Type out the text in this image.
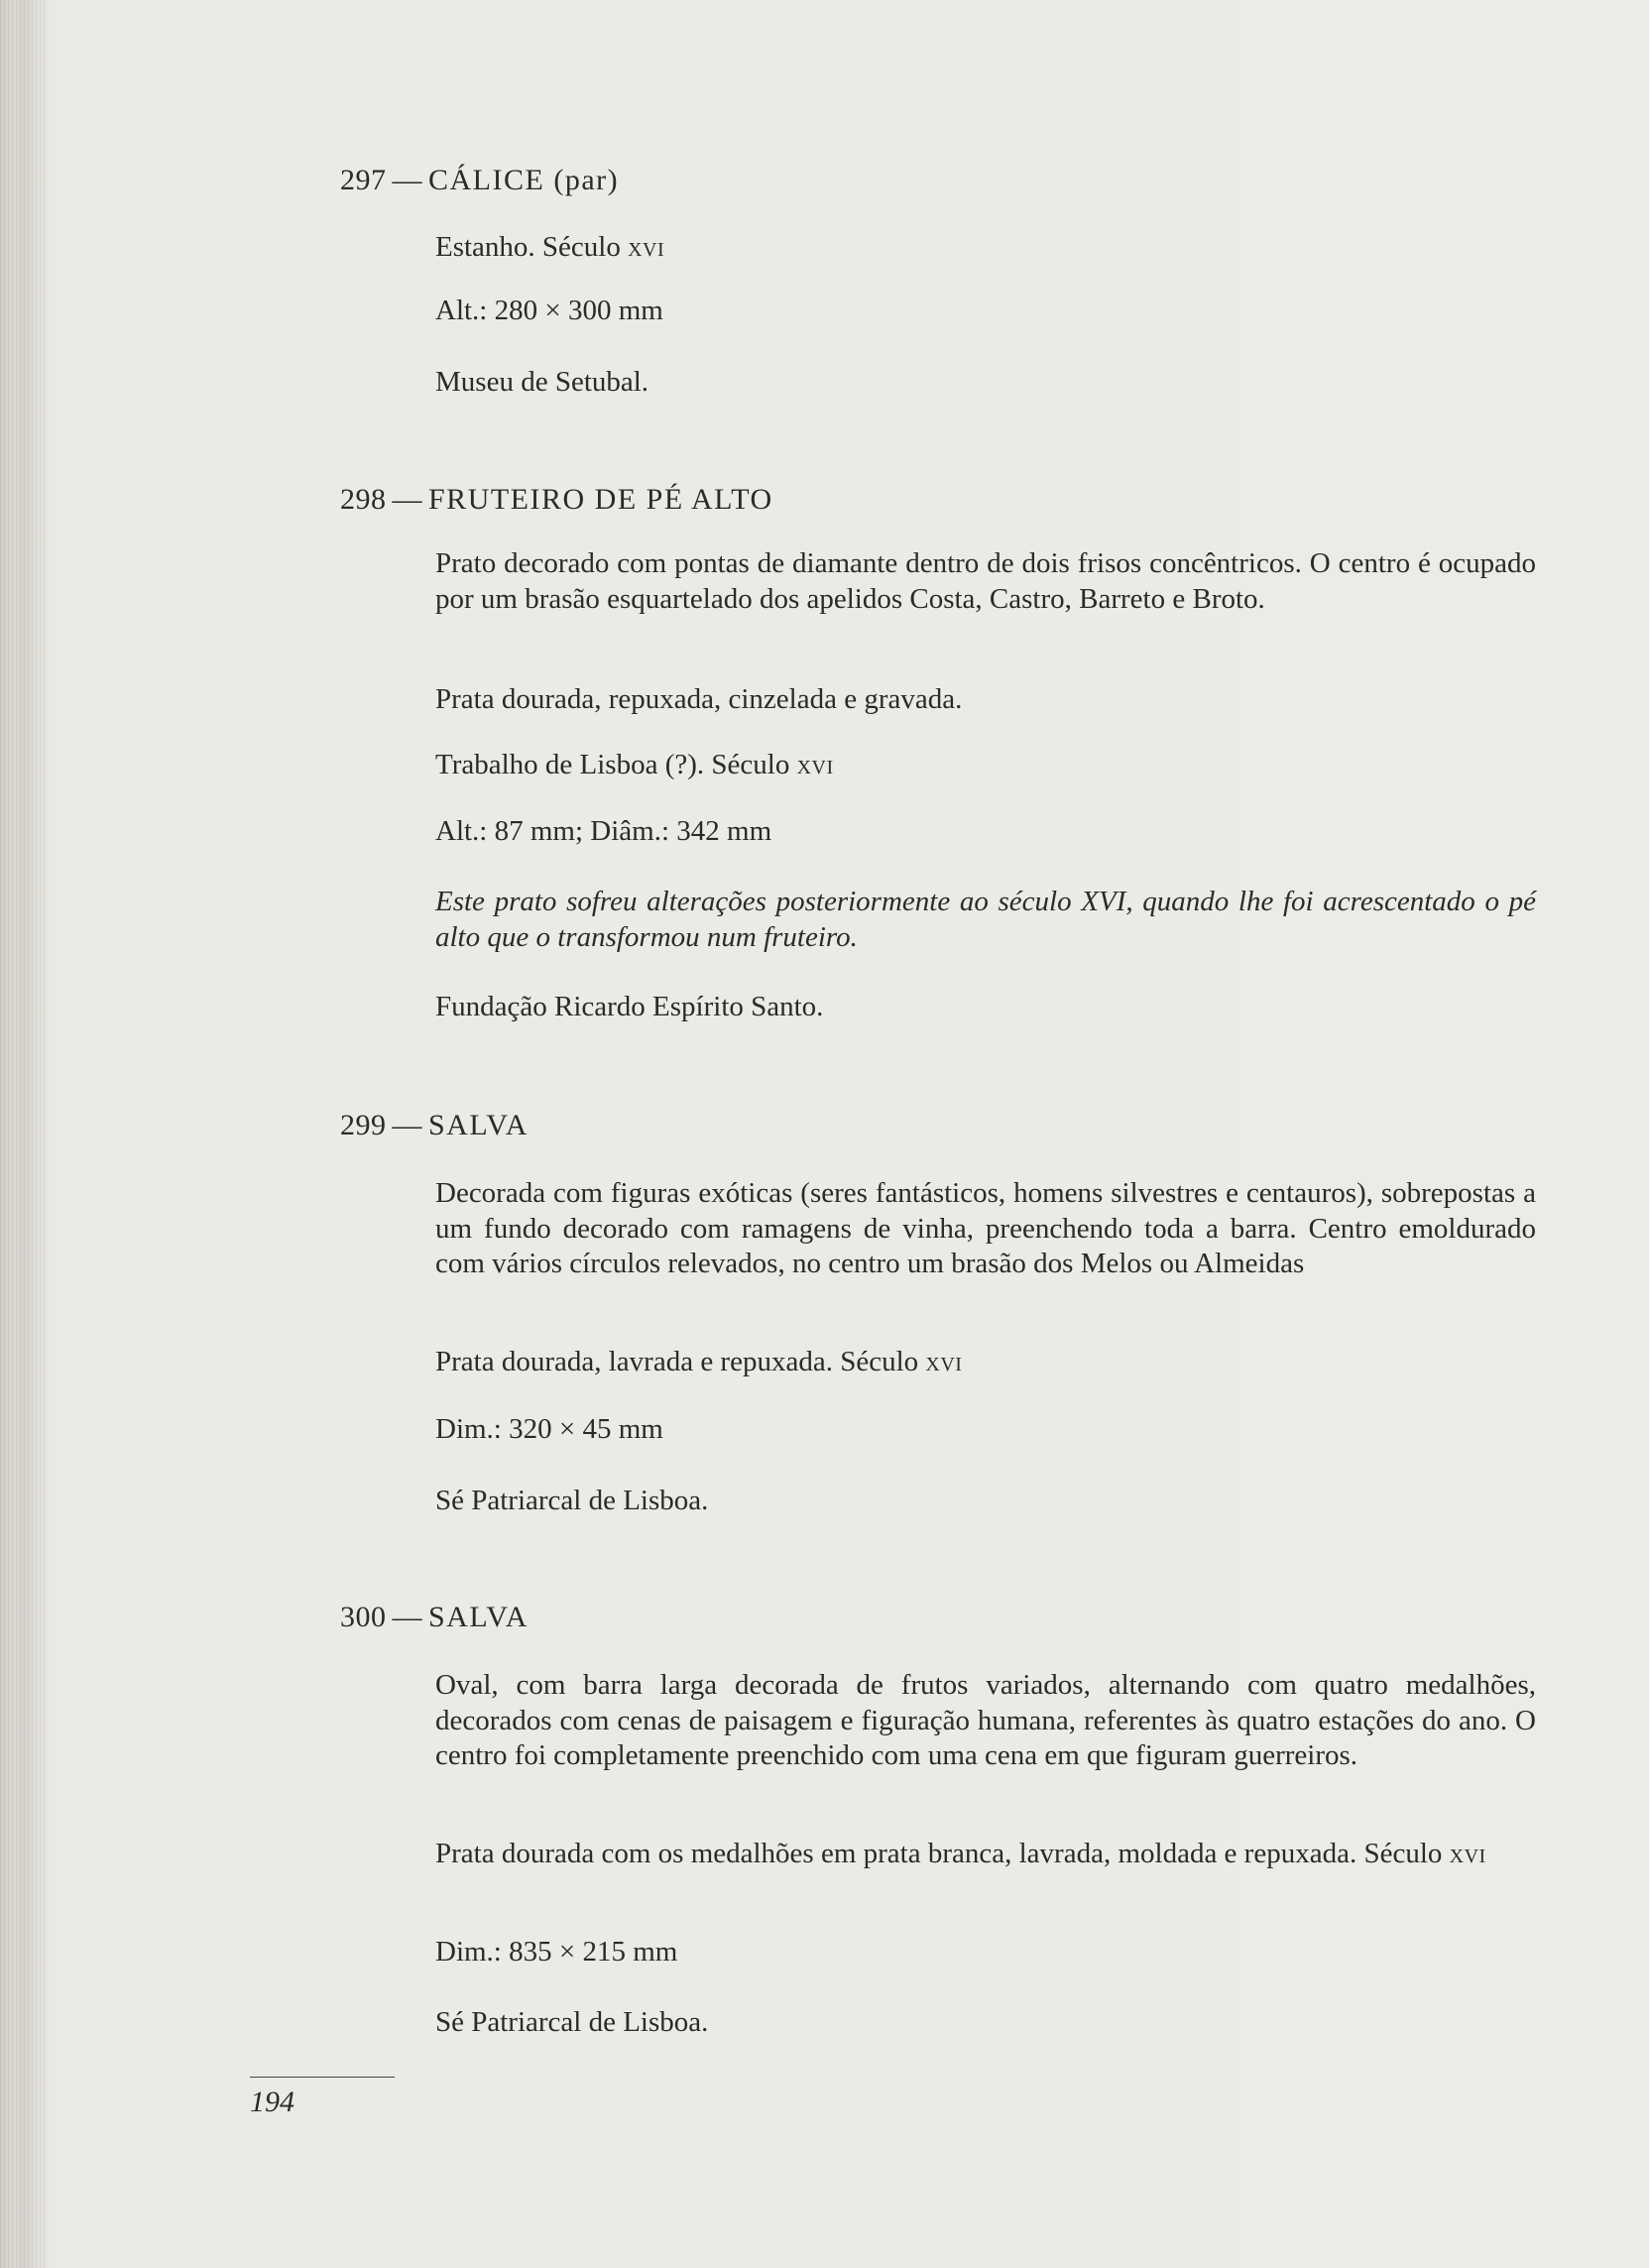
297 — CÁLICE (par)
Estanho. Século xvi
Alt.: 280 × 300 mm
Museu de Setubal.
298 — FRUTEIRO DE PÉ ALTO
Prato decorado com pontas de diamante dentro de dois frisos concêntricos. O centro é ocupado por um brasão esquartelado dos apelidos Costa, Castro, Barreto e Broto.
Prata dourada, repuxada, cinzelada e gravada.
Trabalho de Lisboa (?). Século xvi
Alt.: 87 mm; Diâm.: 342 mm
Este prato sofreu alterações posteriormente ao século XVI, quando lhe foi acrescentado o pé alto que o transformou num fruteiro.
Fundação Ricardo Espírito Santo.
299 — SALVA
Decorada com figuras exóticas (seres fantásticos, homens silvestres e centauros), sobrepostas a um fundo decorado com ramagens de vinha, preenchendo toda a barra. Centro emoldurado com vários círculos relevados, no centro um brasão dos Melos ou Almeidas
Prata dourada, lavrada e repuxada. Século xvi
Dim.: 320 × 45 mm
Sé Patriarcal de Lisboa.
300 — SALVA
Oval, com barra larga decorada de frutos variados, alternando com quatro medalhões, decorados com cenas de paisagem e figuração humana, referentes às quatro estações do ano. O centro foi completamente preenchido com uma cena em que figuram guerreiros.
Prata dourada com os medalhões em prata branca, lavrada, moldada e repuxada. Século xvi
Dim.: 835 × 215 mm
Sé Patriarcal de Lisboa.
194
